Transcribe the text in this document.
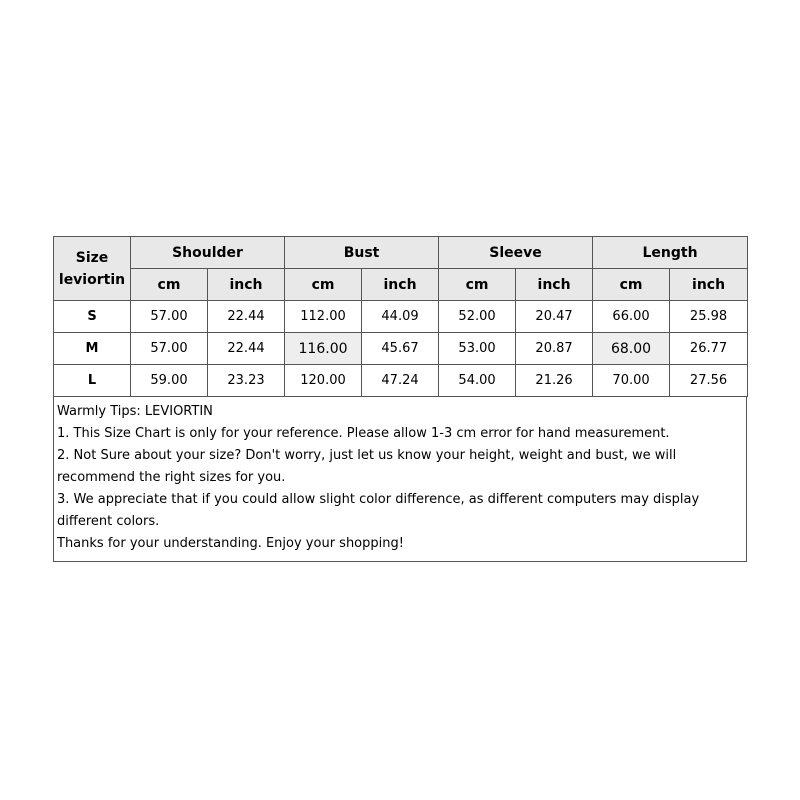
Size
leviortin	Shoulder		Bust		Sleeve		Length	
	cm	inch	cm	inch	cm	inch	cm	inch
S	57.00	22.44	112.00	44.09	52.00	20.47	66.00	25.98
M	57.00	22.44	116.00	45.67	53.00	20.87	68.00	26.77
L	59.00	23.23	120.00	47.24	54.00	21.26	70.00	27.56
Warmly Tips: LEVIORTIN
1. This Size Chart is only for your reference. Please allow 1-3 cm error for hand measurement.
2. Not Sure about your size? Don't worry, just let us know your height, weight and bust, we will recommend the right sizes for you.
3. We appreciate that if you could allow slight color difference, as different computers may display different colors.
Thanks for your understanding. Enjoy your shopping!
